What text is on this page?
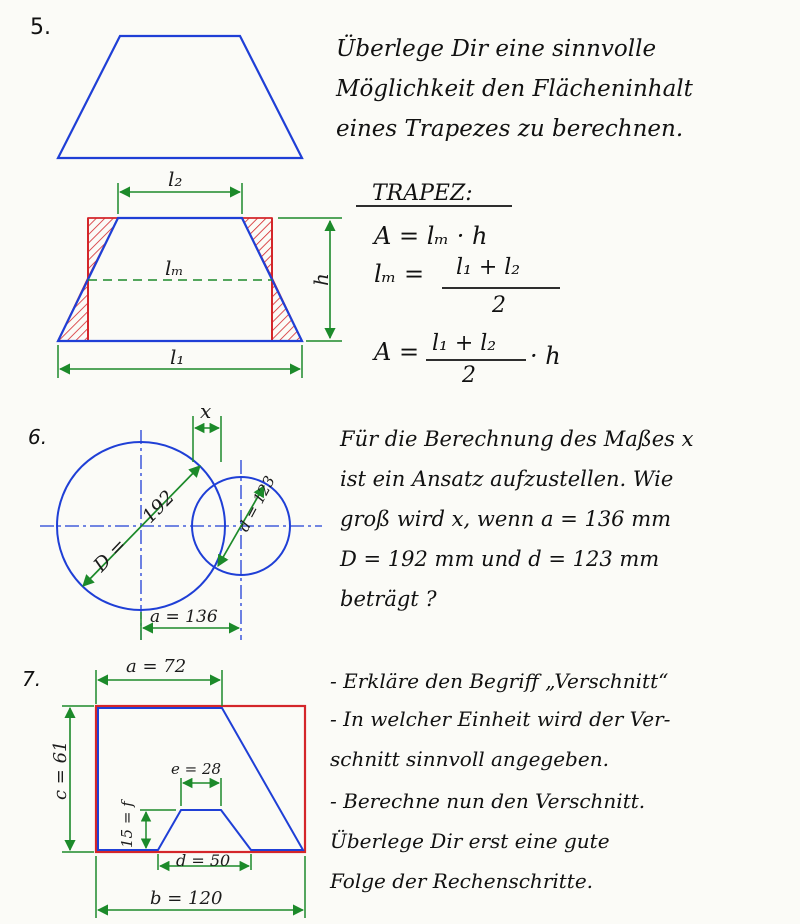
5.
Überlege Dir eine sinnvolle
Möglichkeit den Flächeninhalt
eines Trapezes zu berechnen.
l₂
lₘ
l₁
h
TRAPEZ:
A = lₘ · h
lₘ = l₁ + l₂
2
A = l₁ + l₂
2
· h
6.
D =
192	d = 123
x
a = 136
Für die Berechnung des Maßes x
ist ein Ansatz aufzustellen. Wie
groß wird x, wenn a = 136 mm
D = 192 mm und d = 123 mm
beträgt ?
7.
a = 72
c = 61	e = 28
15 = f
d = 50
b = 120
- Erkläre den Begriff „Verschnitt“
- In welcher Einheit wird der Ver-
schnitt sinnvoll angegeben.
- Berechne nun den Verschnitt.
Überlege Dir erst eine gute
Folge der Rechenschritte.
